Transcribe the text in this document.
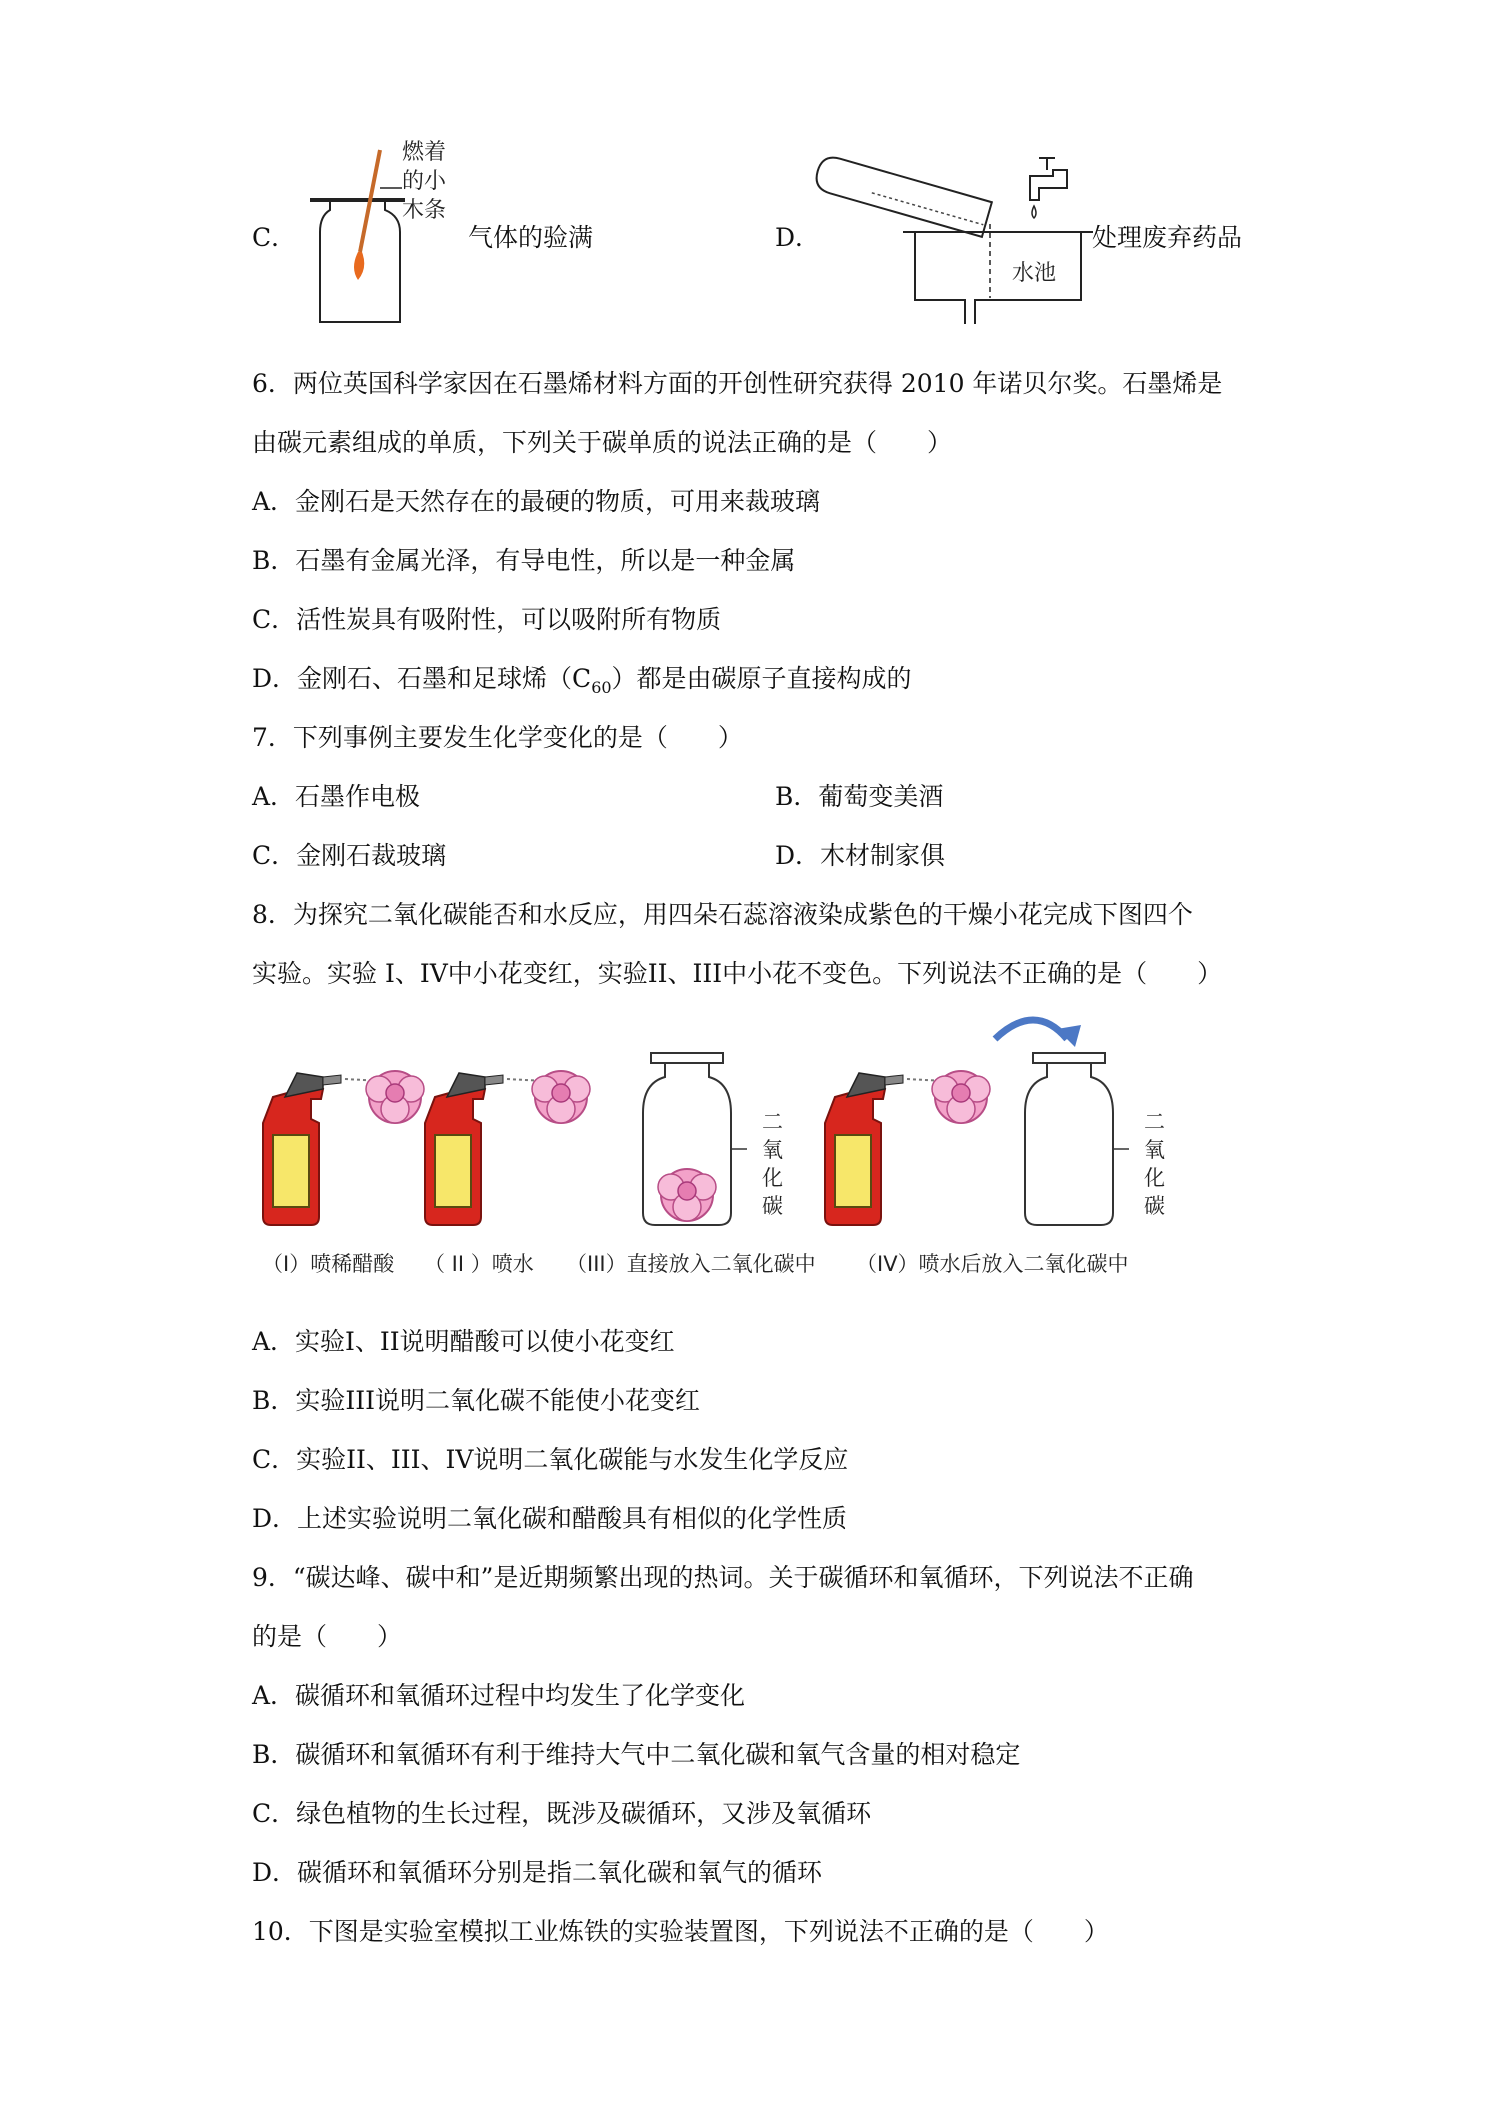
C．
燃着
的小
木条
气体的验满	D．
水池
处理废弃药品
6．两位英国科学家因在石墨烯材料方面的开创性研究获得 2010 年诺贝尔奖。石墨烯是
由碳元素组成的单质，下列关于碳单质的说法正确的是（　　）
A．金刚石是天然存在的最硬的物质，可用来裁玻璃
B．石墨有金属光泽，有导电性，所以是一种金属
C．活性炭具有吸附性，可以吸附所有物质
D．金刚石、石墨和足球烯$(C_{60})$都是由碳原子直接构成的
7．下列事例主要发生化学变化的是（　　）
A．石墨作电极	B．葡萄变美酒
C．金刚石裁玻璃	D．木材制家俱
8．为探究二氧化碳能否和水反应，用四朵石蕊溶液染成紫色的干燥小花完成下图四个
实验。实验 I、IV中小花变红，实验II、III中小花不变色。下列说法不正确的是（　　）
二
氧
化
碳
二
氧
化
碳
（I）喷稀醋酸 （ II ）喷水 （III）直接放入二氧化碳中 （IV）喷水后放入二氧化碳中
A．实验I、II说明醋酸可以使小花变红
B．实验III说明二氧化碳不能使小花变红
C．实验II、III、IV说明二氧化碳能与水发生化学反应
D．上述实验说明二氧化碳和醋酸具有相似的化学性质
9．“碳达峰、碳中和”是近期频繁出现的热词。关于碳循环和氧循环，下列说法不正确
的是（　　）
A．碳循环和氧循环过程中均发生了化学变化
B．碳循环和氧循环有利于维持大气中二氧化碳和氧气含量的相对稳定
C．绿色植物的生长过程，既涉及碳循环，又涉及氧循环
D．碳循环和氧循环分别是指二氧化碳和氧气的循环
10．下图是实验室模拟工业炼铁的实验装置图，下列说法不正确的是（　　）
